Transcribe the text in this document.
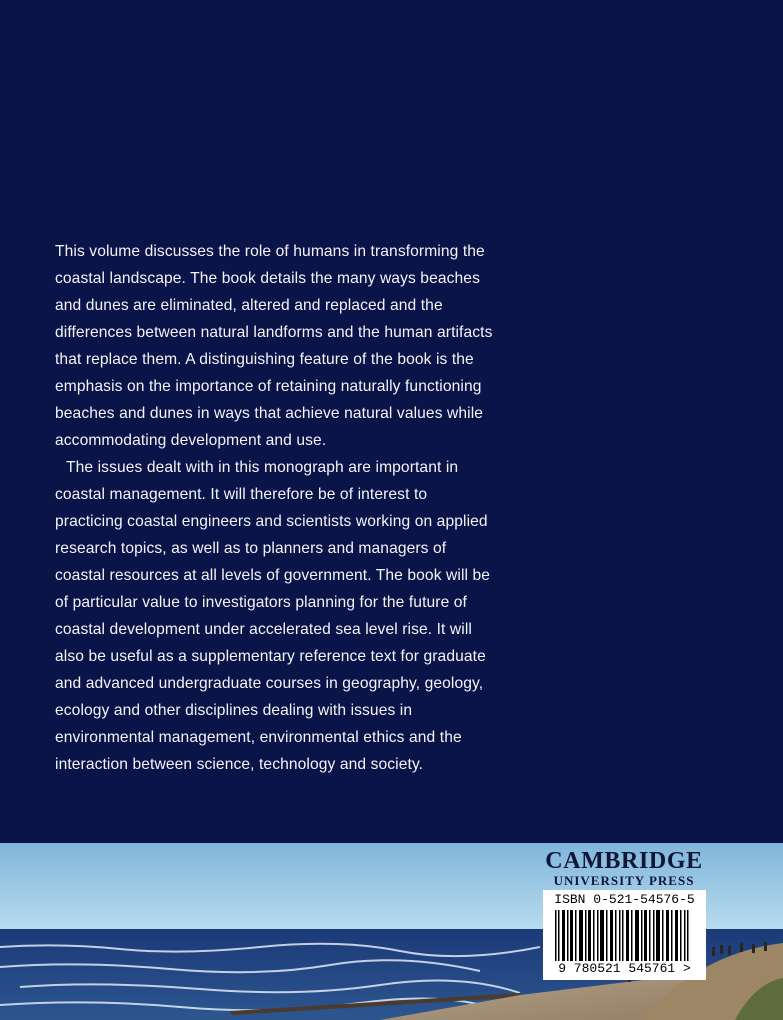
This volume discusses the role of humans in transforming the coastal landscape. The book details the many ways beaches and dunes are eliminated, altered and replaced and the differences between natural landforms and the human artifacts that replace them. A distinguishing feature of the book is the emphasis on the importance of retaining naturally functioning beaches and dunes in ways that achieve natural values while accommodating development and use.

The issues dealt with in this monograph are important in coastal management. It will therefore be of interest to practicing coastal engineers and scientists working on applied research topics, as well as to planners and managers of coastal resources at all levels of government. The book will be of particular value to investigators planning for the future of coastal development under accelerated sea level rise. It will also be useful as a supplementary reference text for graduate and advanced undergraduate courses in geography, geology, ecology and other disciplines dealing with issues in environmental management, environmental ethics and the interaction between science, technology and society.

CAMBRIDGE
UNIVERSITY PRESS
ISBN 0-521-54576-5
9 780521 545761 >
